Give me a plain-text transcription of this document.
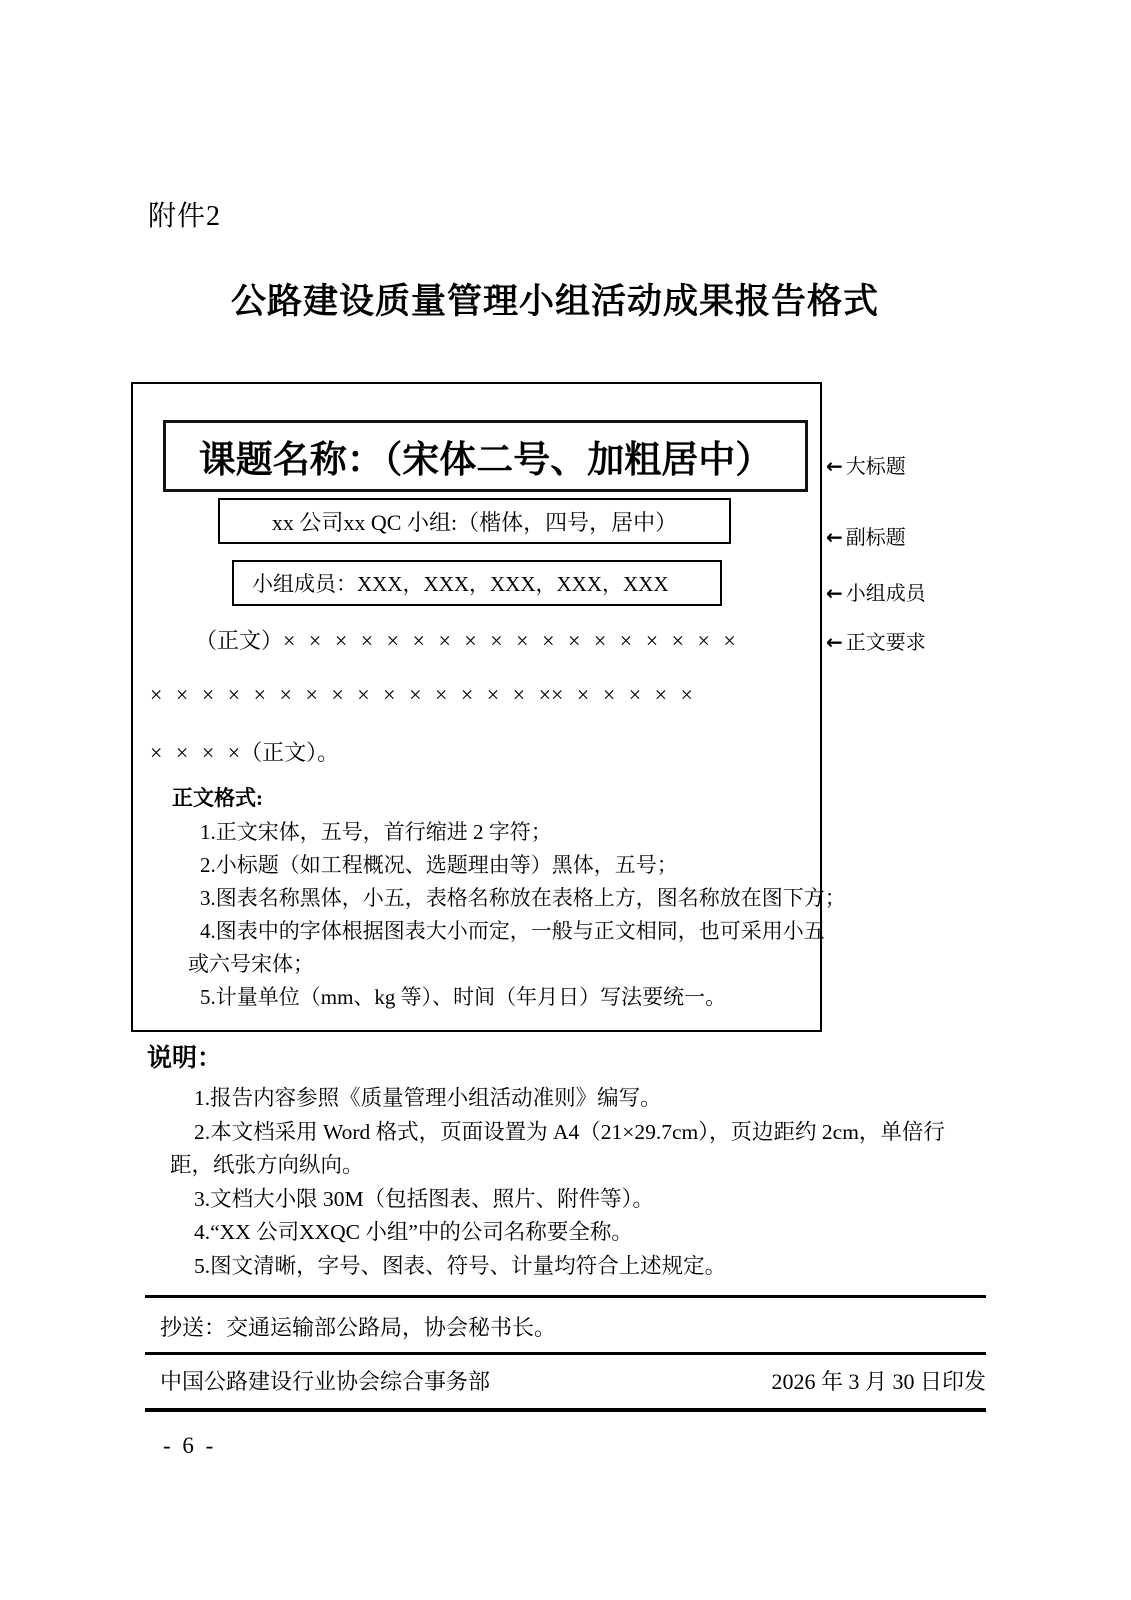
附件2
公路建设质量管理小组活动成果报告格式
课题名称：（宋体二号、加粗居中）
xx 公司xx QC 小组:（楷体，四号，居中）
小组成员：XXX，XXX，XXX，XXX，XXX
（正文）× × × × × × × × × × × × × × × × × ×
× × × × × × × × × × × × × × × ×× × × × × ×
× × × ×（正文）。
正文格式:
1.正文宋体，五号，首行缩进 2 字符；
2.小标题（如工程概况、选题理由等）黑体，五号；
3.图表名称黑体，小五，表格名称放在表格上方，图名称放在图下方；
4.图表中的字体根据图表大小而定，一般与正文相同，也可采用小五或六号宋体；
5.计量单位（mm、kg 等）、时间（年月日）写法要统一。
← 大标题
← 副标题
← 小组成员
← 正文要求
说明：
1.报告内容参照《质量管理小组活动准则》编写。
2.本文档采用 Word 格式，页面设置为 A4（21×29.7cm），页边距约 2cm，单倍行距，纸张方向纵向。
3.文档大小限 30M（包括图表、照片、附件等）。
4.“XX 公司XXQC 小组”中的公司名称要全称。
5.图文清晰，字号、图表、符号、计量均符合上述规定。
抄送：交通运输部公路局，协会秘书长。
中国公路建设行业协会综合事务部	2026 年 3 月 30 日印发
- 6 -
